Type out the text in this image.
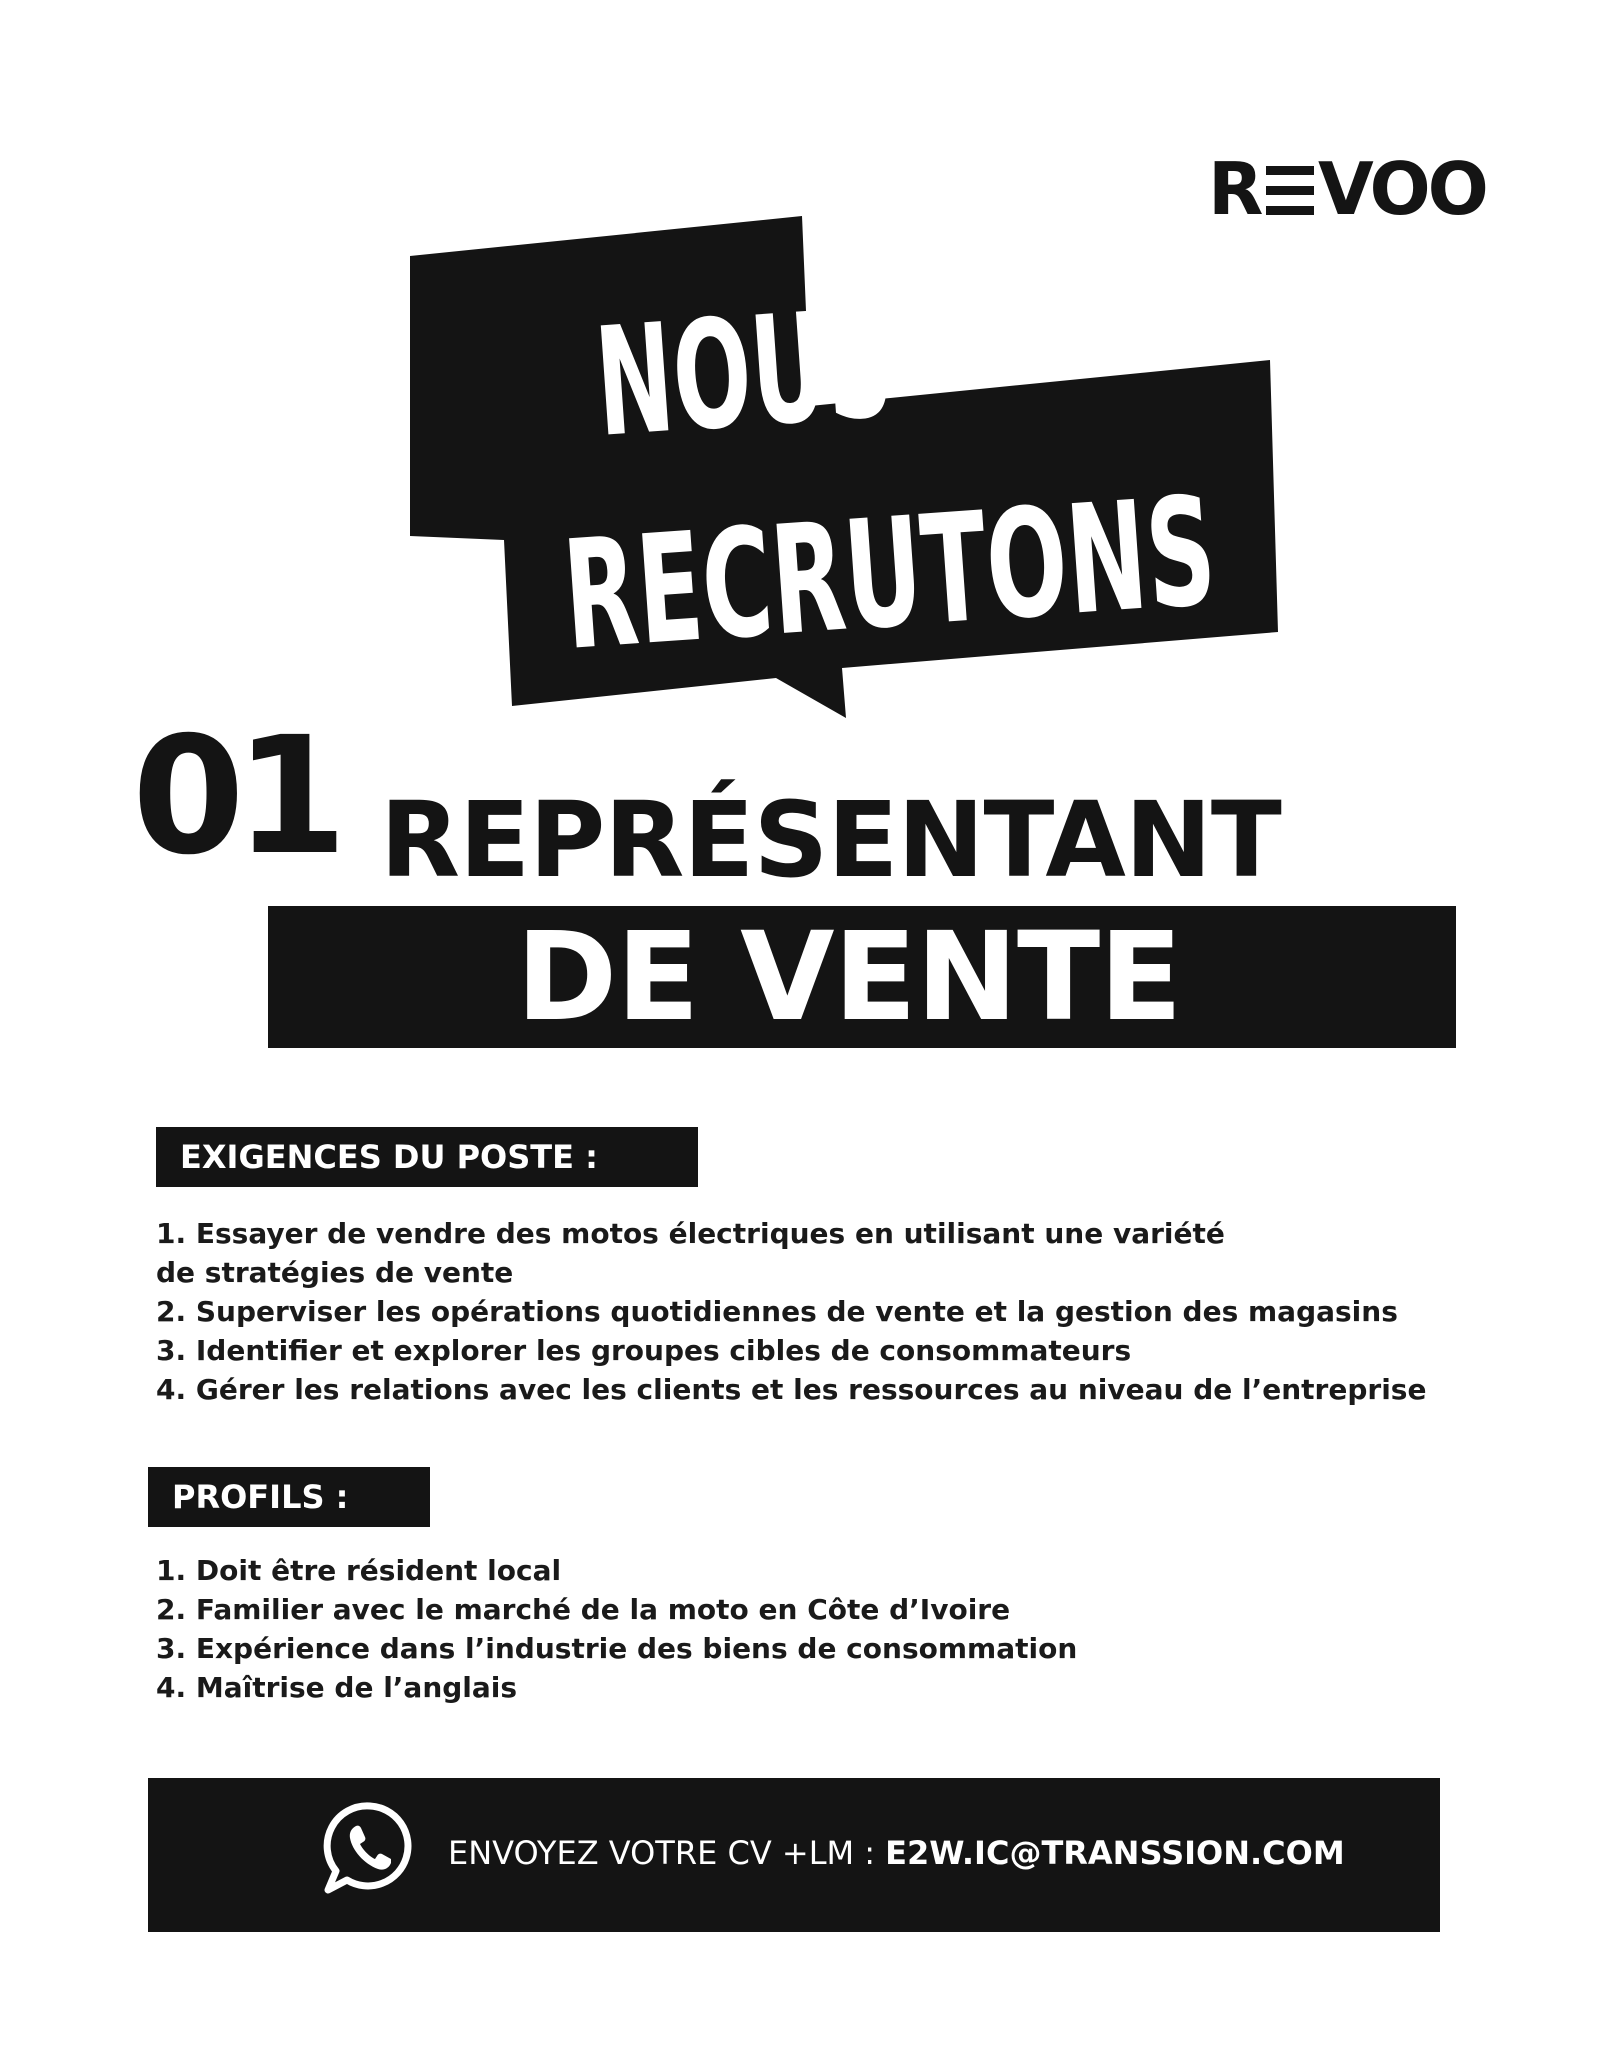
R VOO
NOUS
RECRUTONS
01 REPRÉSENTANT
DE VENTE
EXIGENCES DU POSTE :
1. Essayer de vendre des motos électriques en utilisant une variété
de stratégies de vente
2. Superviser les opérations quotidiennes de vente et la gestion des magasins
3. Identifier et explorer les groupes cibles de consommateurs
4. Gérer les relations avec les clients et les ressources au niveau de l’entreprise
PROFILS :
1. Doit être résident local
2. Familier avec le marché de la moto en Côte d’Ivoire
3. Expérience dans l’industrie des biens de consommation
4. Maîtrise de l’anglais
ENVOYEZ VOTRE CV +LM : E2W.IC@TRANSSION.COM
